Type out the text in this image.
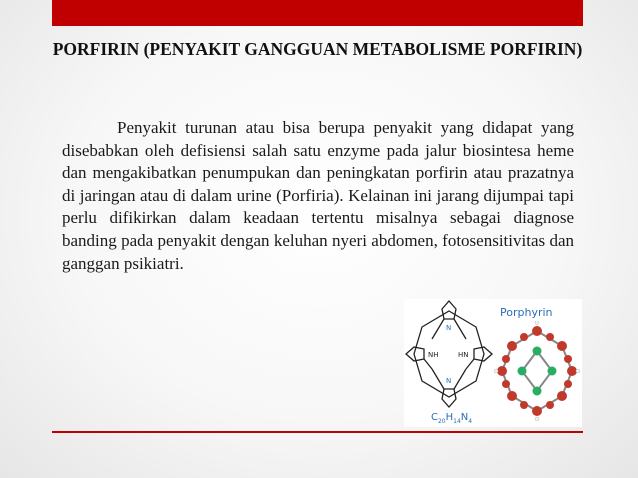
PORFIRIN (PENYAKIT GANGGUAN METABOLISME PORFIRIN)

Penyakit turunan atau bisa berupa penyakit yang didapat yang disebabkan oleh defisiensi salah satu enzyme pada jalur biosintesa heme dan mengakibatkan penumpukan dan peningkatan porfirin atau prazatnya di jaringan atau di dalam urine (Porfiria). Kelainan ini jarang dijumpai tapi perlu difikirkan dalam keadaan tertentu misalnya sebagai diagnose banding pada penyakit dengan keluhan nyeri abdomen, fotosensitivitas dan ganggan psikiatri.

N
N
NH	HN
Porphyrin
$C_{20}H_{14}N_4$
